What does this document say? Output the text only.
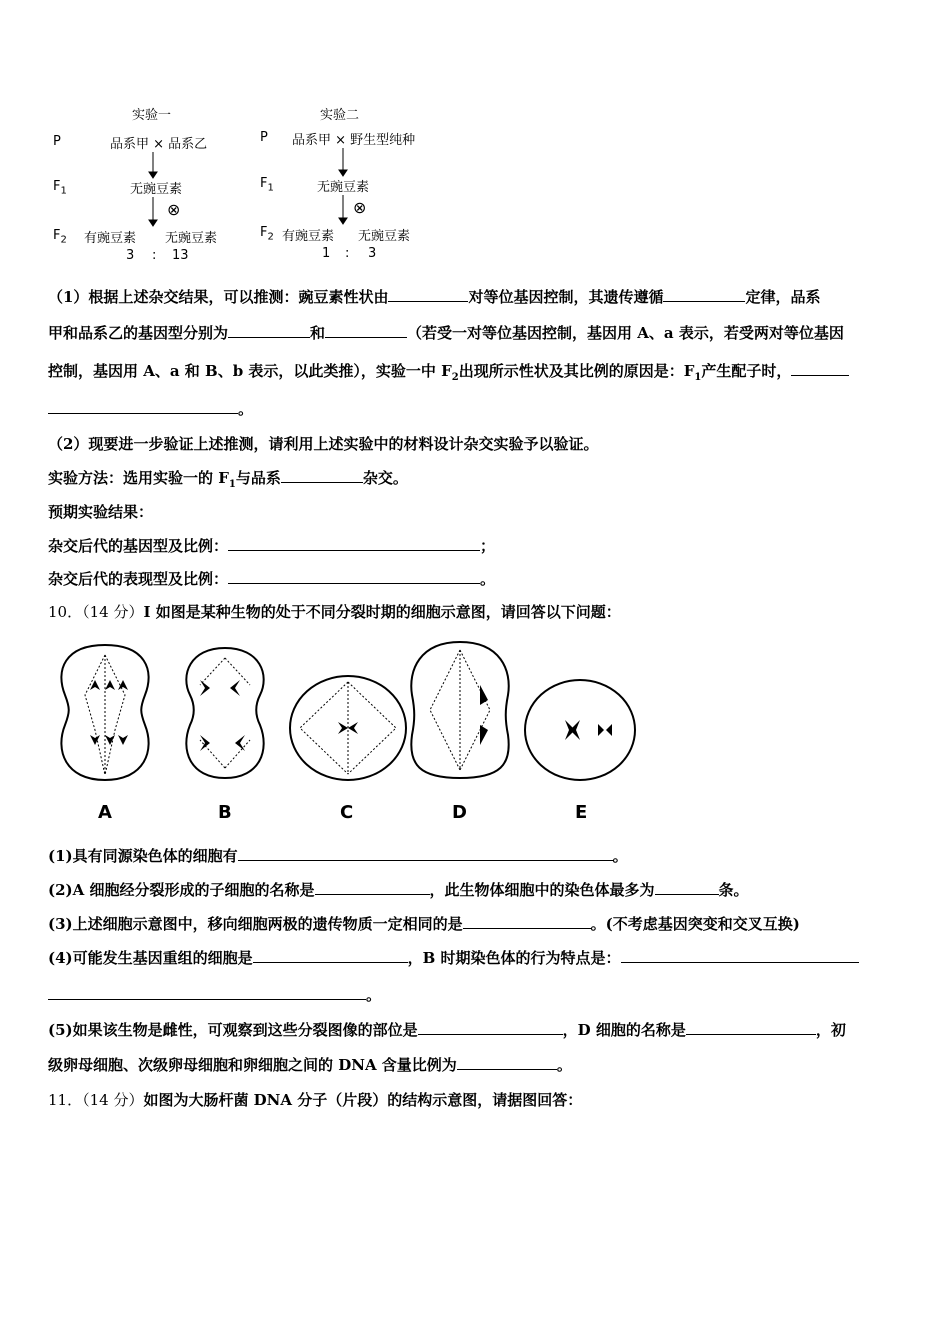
实验一	实验二
P	品系甲 × 品系乙	P 品系甲 × 野生型纯种
$F_1$	无豌豆素	$F_1$	无豌豆素
⊗	⊗
$F_2$ 有豌豆素 无豌豆素	$F_2$ 有豌豆素 无豌豆素
3 : 13	1 : 3
（1）根据上述杂交结果，可以推测：豌豆素性状由	对等位基因控制，其遗传遵循	定律，品系
甲和品系乙的基因型分别为	和	（若受一对等位基因控制，基因用 A、a 表示，若受两对等位基因
控制，基因用 A、a 和 B、b 表示，以此类推），实验一中 $F_2$出现所示性状及其比例的原因是：$F_1$产生配子时，
。
（2）现要进一步验证上述推测，请利用上述实验中的材料设计杂交实验予以验证。
实验方法：选用实验一的 $F_1$与品系	杂交。
预期实验结果：
杂交后代的基因型及比例：	；
杂交后代的表现型及比例：	。
10．（14 分）I 如图是某种生物的处于不同分裂时期的细胞示意图，请回答以下问题：
A	B	C	D	E
(1)具有同源染色体的细胞有	。
(2)A 细胞经分裂形成的子细胞的名称是	，此生物体细胞中的染色体最多为	条。
(3)上述细胞示意图中，移向细胞两极的遗传物质一定相同的是	。(不考虑基因突变和交叉互换)
(4)可能发生基因重组的细胞是	，B 时期染色体的行为特点是：
。
(5)如果该生物是雌性，可观察到这些分裂图像的部位是	，D 细胞的名称是	，初
级卵母细胞、次级卵母细胞和卵细胞之间的 DNA 含量比例为	。
11．（14 分）如图为大肠杆菌 DNA 分子（片段）的结构示意图，请据图回答：
